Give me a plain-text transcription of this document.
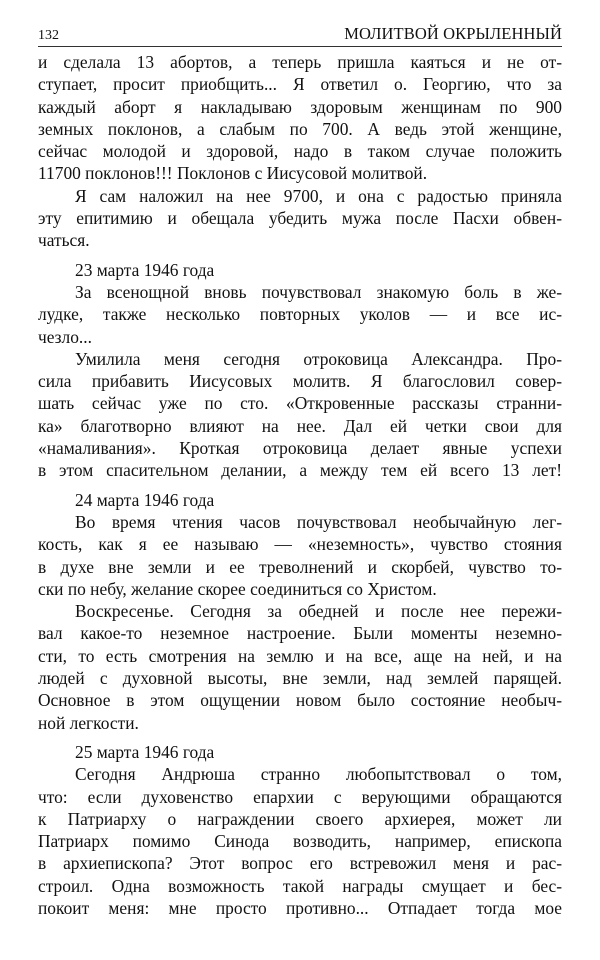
132	МОЛИТВОЙ ОКРЫЛЕННЫЙ
и сделала 13 абортов, а теперь пришла каяться и не от-
ступает, просит приобщить... Я ответил о. Георгию, что за
каждый аборт я накладываю здоровым женщинам по 900
земных поклонов, а слабым по 700. А ведь этой женщине,
сейчас молодой и здоровой, надо в таком случае положить
11700 поклонов!!! Поклонов с Иисусовой молитвой.
Я сам наложил на нее 9700, и она с радостью приняла
эту епитимию и обещала убедить мужа после Пасхи обвен-
чаться.
23 марта 1946 года
За всенощной вновь почувствовал знакомую боль в же-
лудке, также несколько повторных уколов — и все ис-
чезло...
Умилила меня сегодня отроковица Александра. Про-
сила прибавить Иисусовых молитв. Я благословил совер-
шать сейчас уже по сто. «Откровенные рассказы странни-
ка» благотворно влияют на нее. Дал ей четки свои для
«намаливания». Кроткая отроковица делает явные успехи
в этом спасительном делании, а между тем ей всего 13 лет!
24 марта 1946 года
Во время чтения часов почувствовал необычайную лег-
кость, как я ее называю — «неземность», чувство стояния
в духе вне земли и ее треволнений и скорбей, чувство то-
ски по небу, желание скорее соединиться со Христом.
Воскресенье. Сегодня за обедней и после нее пережи-
вал какое-то неземное настроение. Были моменты неземно-
сти, то есть смотрения на землю и на все, аще на ней, и на
людей с духовной высоты, вне земли, над землей парящей.
Основное в этом ощущении новом было состояние необыч-
ной легкости.
25 марта 1946 года
Сегодня Андрюша странно любопытствовал о том,
что: если духовенство епархии с верующими обращаются
к Патриарху о награждении своего архиерея, может ли
Патриарх помимо Синода возводить, например, епископа
в архиепископа? Этот вопрос его встревожил меня и рас-
строил. Одна возможность такой награды смущает и бес-
покоит меня: мне просто противно... Отпадает тогда мое
